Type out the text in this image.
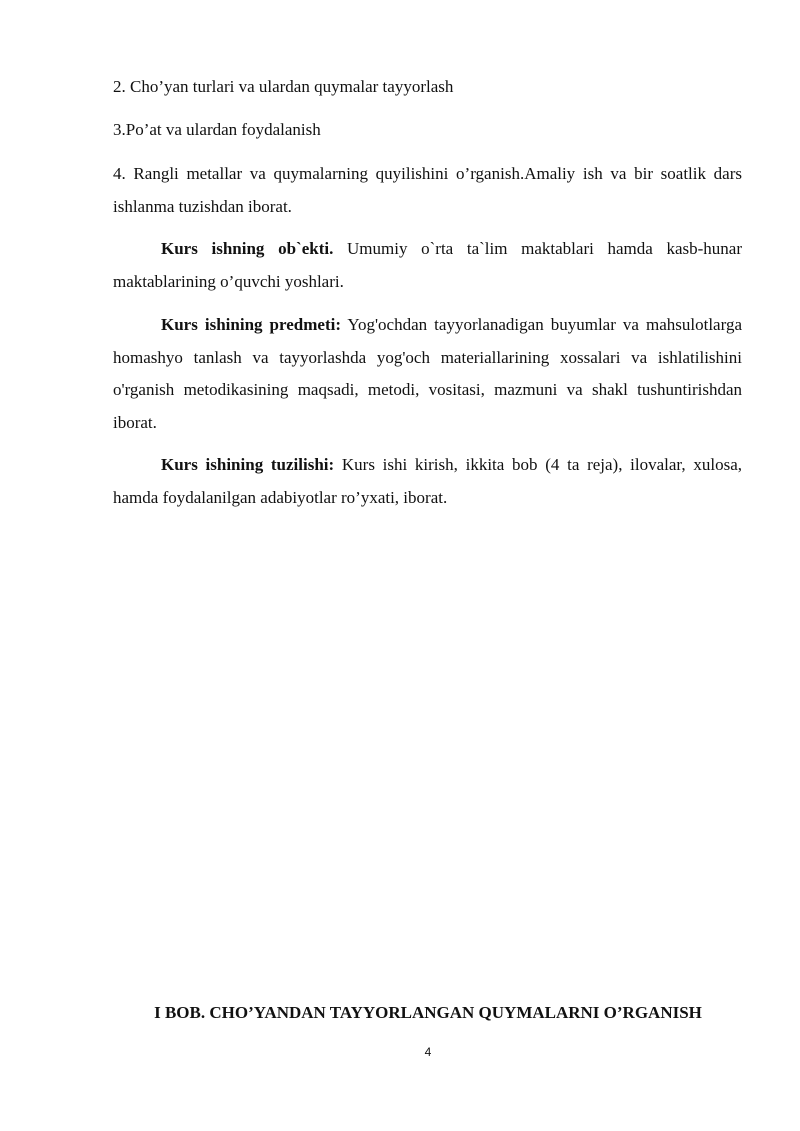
2. Cho’yan turlari va ulardan quymalar tayyorlash

3.Po’at va ulardan foydalanish

4. Rangli metallar va quymalarning quyilishini o’rganish.Amaliy ish va bir soatlik dars ishlanma tuzishdan iborat.

Kurs ishning ob`ekti. Umumiy o`rta ta`lim maktablari hamda kasb-hunar maktablarining o’quvchi yoshlari.

Kurs ishining predmeti: Yog'ochdan tayyorlanadigan buyumlar va mahsulotlarga homashyo tanlash va tayyorlashda yog'och materiallarining xossalari va ishlatilishini o'rganish metodikasining maqsadi, metodi, vositasi, mazmuni va shakl tushuntirishdan iborat.

Kurs ishining tuzilishi: Kurs ishi kirish, ikkita bob (4 ta reja), ilovalar, xulosa, hamda foydalanilgan adabiyotlar ro’yxati, iborat.

I BOB. CHO’YANDAN TAYYORLANGAN QUYMALARNI O’RGANISH

4
